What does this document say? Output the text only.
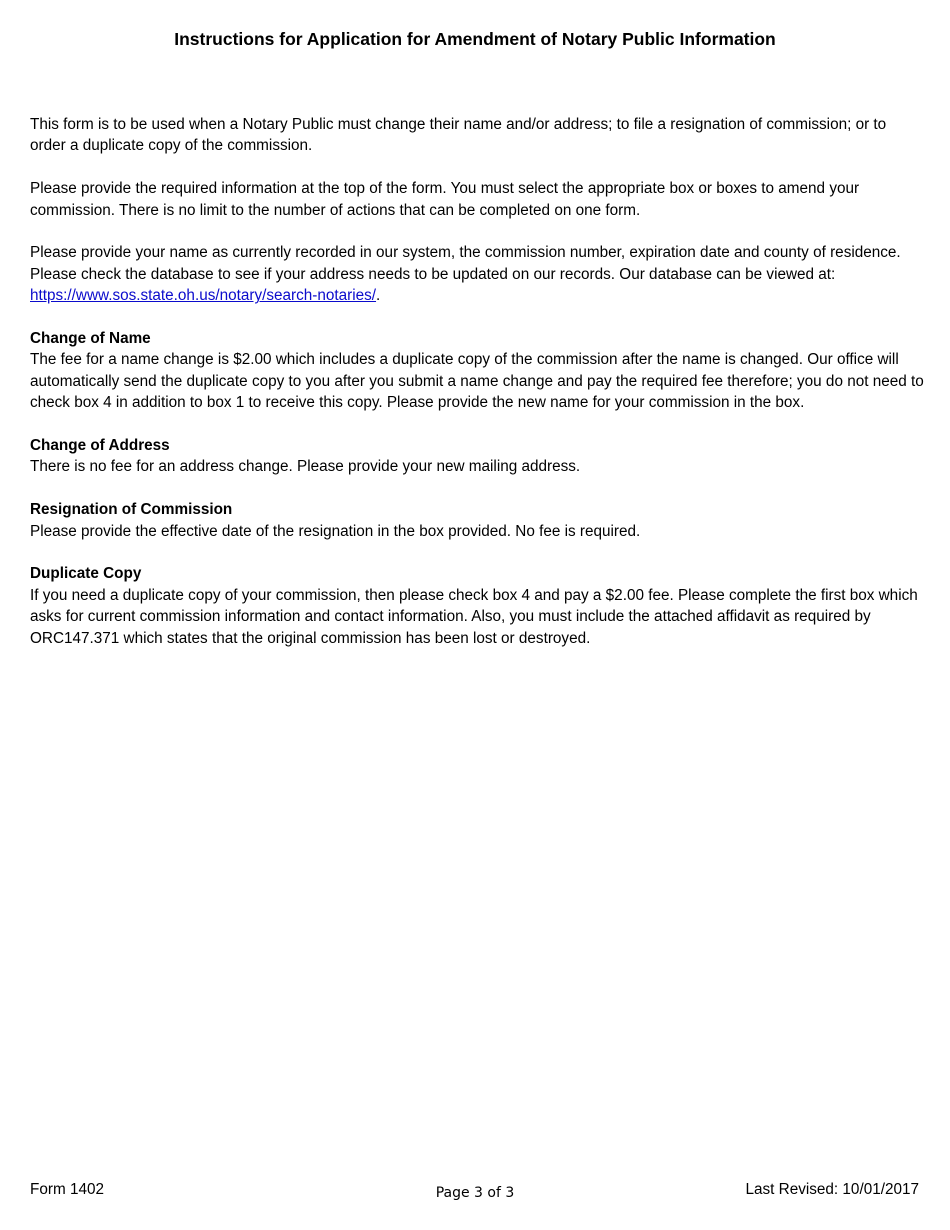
Instructions for Application for Amendment of Notary Public Information

This form is to be used when a Notary Public must change their name and/or address; to file a resignation of commission; or to order a duplicate copy of the commission.

Please provide the required information at the top of the form. You must select the appropriate box or boxes to amend your commission. There is no limit to the number of actions that can be completed on one form.

Please provide your name as currently recorded in our system, the commission number, expiration date and county of residence. Please check the database to see if your address needs to be updated on our records. Our database can be viewed at:
https://www.sos.state.oh.us/notary/search-notaries/.

Change of Name

The fee for a name change is $2.00 which includes a duplicate copy of the commission after the name is changed. Our office will automatically send the duplicate copy to you after you submit a name change and pay the required fee therefore; you do not need to check box 4 in addition to box 1 to receive this copy. Please provide the new name for your commission in the box.

Change of Address

There is no fee for an address change. Please provide your new mailing address.

Resignation of Commission

Please provide the effective date of the resignation in the box provided. No fee is required.

Duplicate Copy

If you need a duplicate copy of your commission, then please check box 4 and pay a $2.00 fee. Please complete the first box which asks for current commission information and contact information. Also, you must include the attached affidavit as required by ORC147.371 which states that the original commission has been lost or destroyed.

Form 1402	Page 3 of 3	Last Revised: 10/01/2017
